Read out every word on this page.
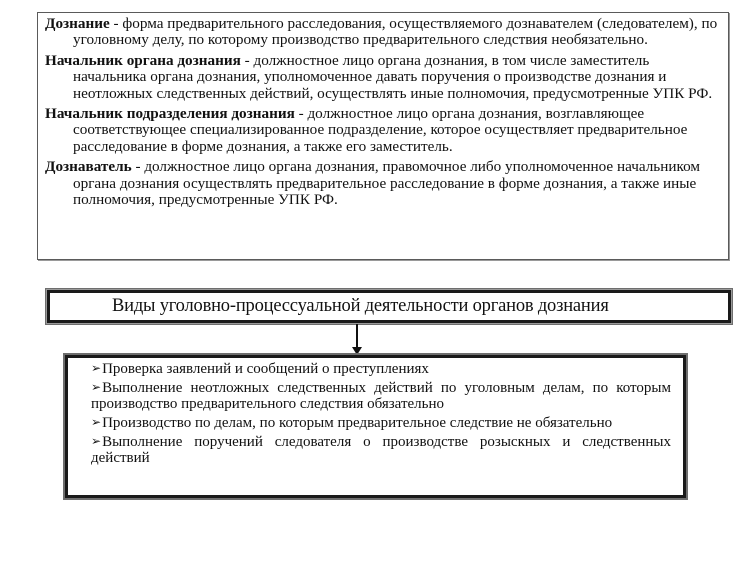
Дознание - форма предварительного расследования, осуществляемого дознавателем (следователем), по уголовному делу, по которому производство предварительного следствия необязательно.

Начальник органа дознания - должностное лицо органа дознания, в том числе заместитель начальника органа дознания, уполномоченное давать поручения о производстве дознания и неотложных следственных действий, осуществлять иные полномочия, предусмотренные УПК РФ.

Начальник подразделения дознания - должностное лицо органа дознания, возглавляющее соответствующее специализированное подразделение, которое осуществляет предварительное расследование в форме дознания, а также его заместитель.

Дознаватель - должностное лицо органа дознания, правомочное либо уполномоченное начальником органа дознания осуществлять предварительное расследование в форме дознания, а также иные полномочия, предусмотренные УПК РФ.

Виды уголовно-процессуальной деятельности органов дознания

➢Проверка заявлений и сообщений о преступлениях

➢Выполнение неотложных следственных действий по уголовным делам, по которым производство предварительного следствия обязательно

➢Производство по делам, по которым предварительное следствие не обязательно

➢Выполнение поручений следователя о производстве розыскных и следственных действий
